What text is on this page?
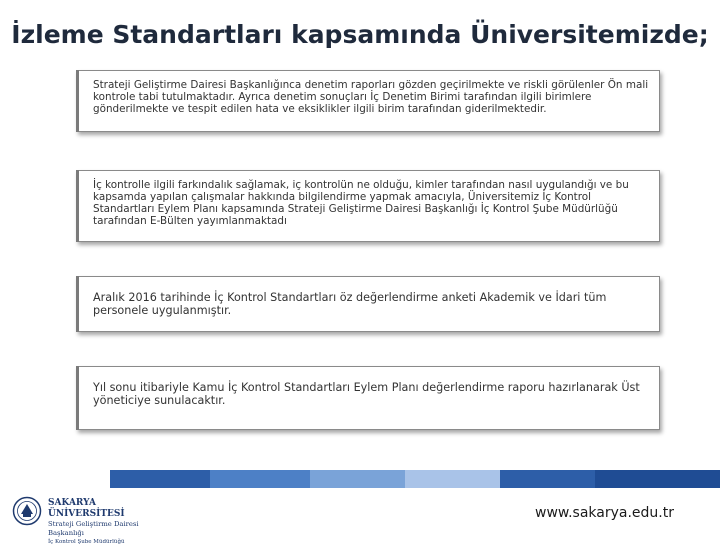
İzleme Standartları kapsamında Üniversitemizde;
Strateji Geliştirme Dairesi Başkanlığınca denetim raporları gözden geçirilmekte ve riskli görülenler Ön mali kontrole tabi tutulmaktadır. Ayrıca denetim sonuçları İç Denetim Birimi tarafından ilgili birimlere gönderilmekte ve tespit edilen hata ve eksiklikler ilgili birim tarafından giderilmektedir.
İç kontrolle ilgili farkındalık sağlamak, iç kontrolün ne olduğu, kimler tarafından nasıl uygulandığı ve bu kapsamda yapılan çalışmalar hakkında bilgilendirme yapmak amacıyla, Üniversitemiz İç Kontrol Standartları Eylem Planı kapsamında Strateji Geliştirme Dairesi Başkanlığı İç Kontrol Şube Müdürlüğü tarafından E-Bülten yayımlanmaktadı
Aralık 2016 tarihinde İç Kontrol Standartları öz değerlendirme anketi Akademik ve İdari tüm personele uygulanmıştır.
Yıl sonu itibariyle Kamu İç Kontrol Standartları Eylem Planı değerlendirme raporu hazırlanarak Üst yöneticiye sunulacaktır.
SAKARYA ÜNİVERSİTESİ
Strateji Geliştirme Dairesi Başkanlığı
İç Kontrol Şube Müdürlüğü
www.sakarya.edu.tr
